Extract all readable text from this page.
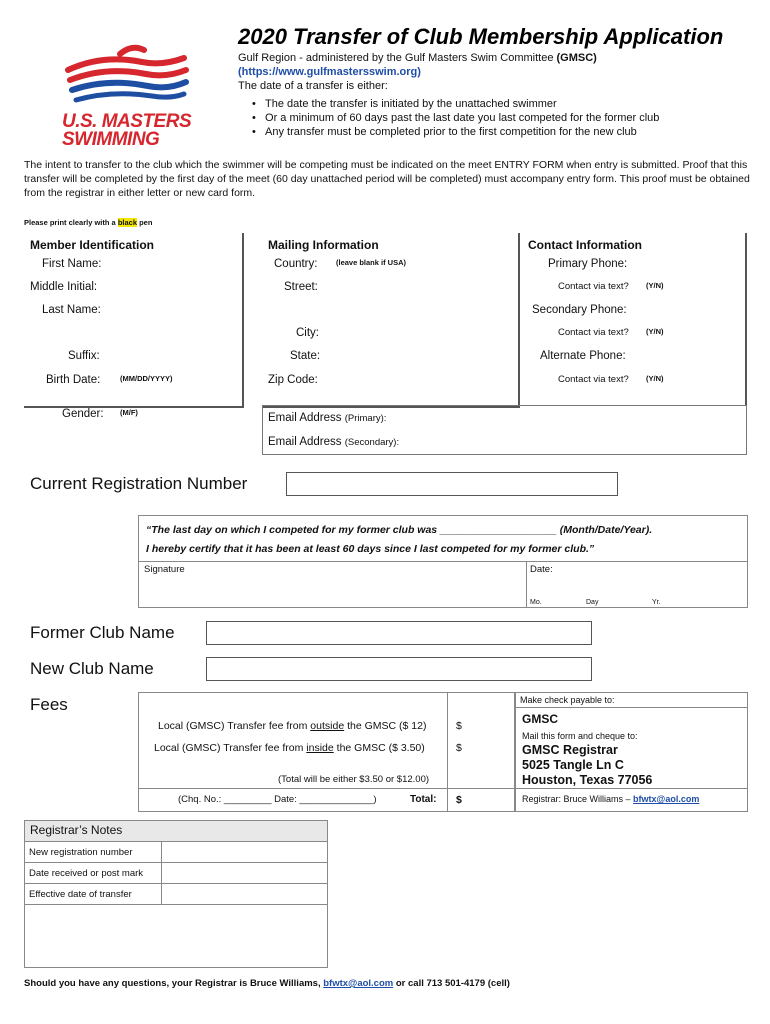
U.S. MASTERS
SWIMMING
2020 Transfer of Club Membership Application
Gulf Region - administered by the Gulf Masters Swim Committee (GMSC)
(https://www.gulfmastersswim.org)
The date of a transfer is either:
•   The date the transfer is initiated by the unattached swimmer
•   Or a minimum of 60 days past the last date you last competed for the former club
•   Any transfer must be completed prior to the first competition for the new club
The intent to transfer to the club which the swimmer will be competing must be indicated on the meet ENTRY FORM when entry is submitted. Proof that this transfer will be completed by the first day of the meet (60 day unattached period will be completed) must accompany entry form. This proof must be obtained from the registrar in either letter or new card form.
Please print clearly with a black pen
Member Identification
First Name:
Middle Initial:
Last Name:
Suffix:
Birth Date:	(MM/DD/YYYY)
Gender: (M/F)
Mailing Information
Country: (leave blank if USA)
Street:
City:
State:
Zip Code:
Email Address (Primary):
Email Address (Secondary):
Contact Information
Primary Phone:
Contact via text? (Y/N)
Secondary Phone:
Contact via text? (Y/N)
Alternate Phone:
Contact via text? (Y/N)
Current Registration Number
“The last day on which I competed for my former club was ____________________ (Month/Date/Year).
I hereby certify that it has been at least 60 days since I last competed for my former club.”
Signature	Date:
Mo.	Day	Yr.
Former Club Name
New Club Name
Fees
Local (GMSC) Transfer fee from outside the GMSC ($ 12)	$
Local (GMSC) Transfer fee from inside the GMSC ($ 3.50)	$
(Total will be either $3.50 or $12.00)
(Chq. No.: _________ Date: ______________)	Total: $
Make check payable to:
GMSC
Mail this form and cheque to:
GMSC Registrar
5025 Tangle Ln C
Houston, Texas 77056
Registrar: Bruce Williams – bfwtx@aol.com
Registrar’s Notes
New registration number	
Date received or post mark	
Effective date of transfer	
Should you have any questions, your Registrar is Bruce Williams, bfwtx@aol.com or call 713 501-4179 (cell)
